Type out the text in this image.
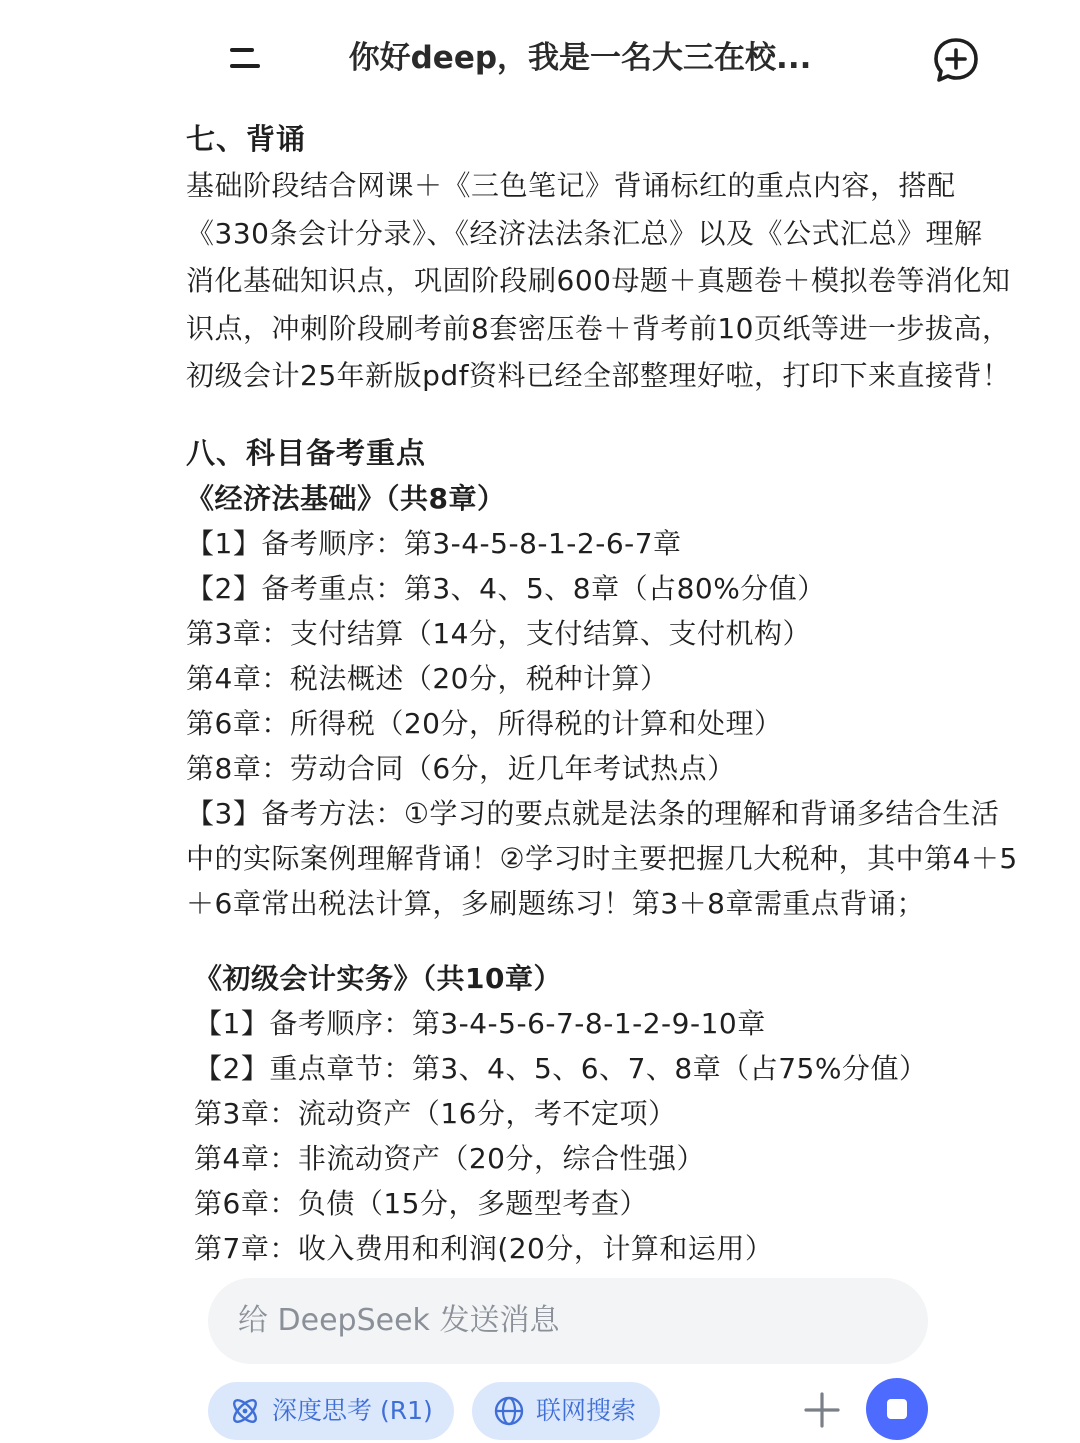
你好deep，我是一名大三在校...
七、背诵
基础阶段结合网课＋《三色笔记》背诵标红的重点内容，搭配
《330条会计分录》、《经济法法条汇总》以及《公式汇总》理解
消化基础知识点，巩固阶段刷600母题＋真题卷＋模拟卷等消化知
识点，冲刺阶段刷考前8套密压卷＋背考前10页纸等进一步拔高，
初级会计25年新版pdf资料已经全部整理好啦，打印下来直接背！
八、科目备考重点
《经济法基础》（共8章）
【1】备考顺序：第3-4-5-8-1-2-6-7章
【2】备考重点：第3、4、5、8章（占80%分值）
第3章：支付结算（14分，支付结算、支付机构）
第4章：税法概述（20分，税种计算）
第6章：所得税（20分，所得税的计算和处理）
第8章：劳动合同（6分，近几年考试热点）
【3】备考方法：①学习的要点就是法条的理解和背诵多结合生活
中的实际案例理解背诵！②学习时主要把握几大税种，其中第4＋5
＋6章常出税法计算，多刷题练习！第3＋8章需重点背诵；
《初级会计实务》（共10章）
【1】备考顺序：第3-4-5-6-7-8-1-2-9-10章
【2】重点章节：第3、4、5、6、7、8章（占75%分值）
第3章：流动资产（16分，考不定项）
第4章：非流动资产（20分，综合性强）
第6章：负债（15分，多题型考查）
第7章：收入费用和利润(20分，计算和运用）
给 DeepSeek 发送消息
深度思考 (R1)	联网搜索
